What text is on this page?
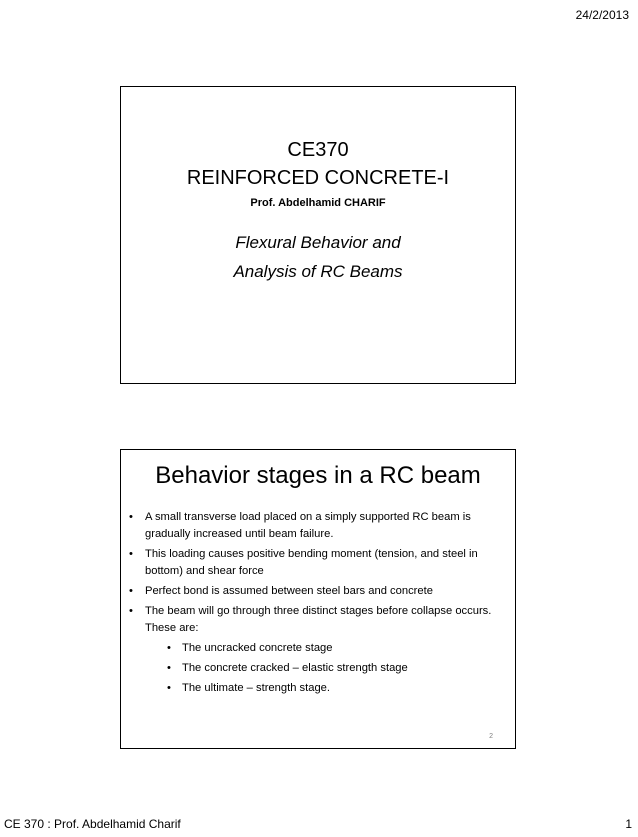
24/2/2013
CE370
REINFORCED CONCRETE-I
Prof. Abdelhamid CHARIF
Flexural Behavior and
Analysis of RC Beams
Behavior stages in a RC beam
• A small transverse load placed on a simply supported RC beam is gradually increased until beam failure.
• This loading causes positive bending moment (tension, and steel in bottom) and shear force
• Perfect bond is assumed between steel bars and concrete
• The beam will go through three distinct stages before collapse occurs. These are:
• The uncracked concrete stage
• The concrete cracked – elastic strength stage
• The ultimate – strength stage.
2
CE 370 : Prof. Abdelhamid Charif	1
